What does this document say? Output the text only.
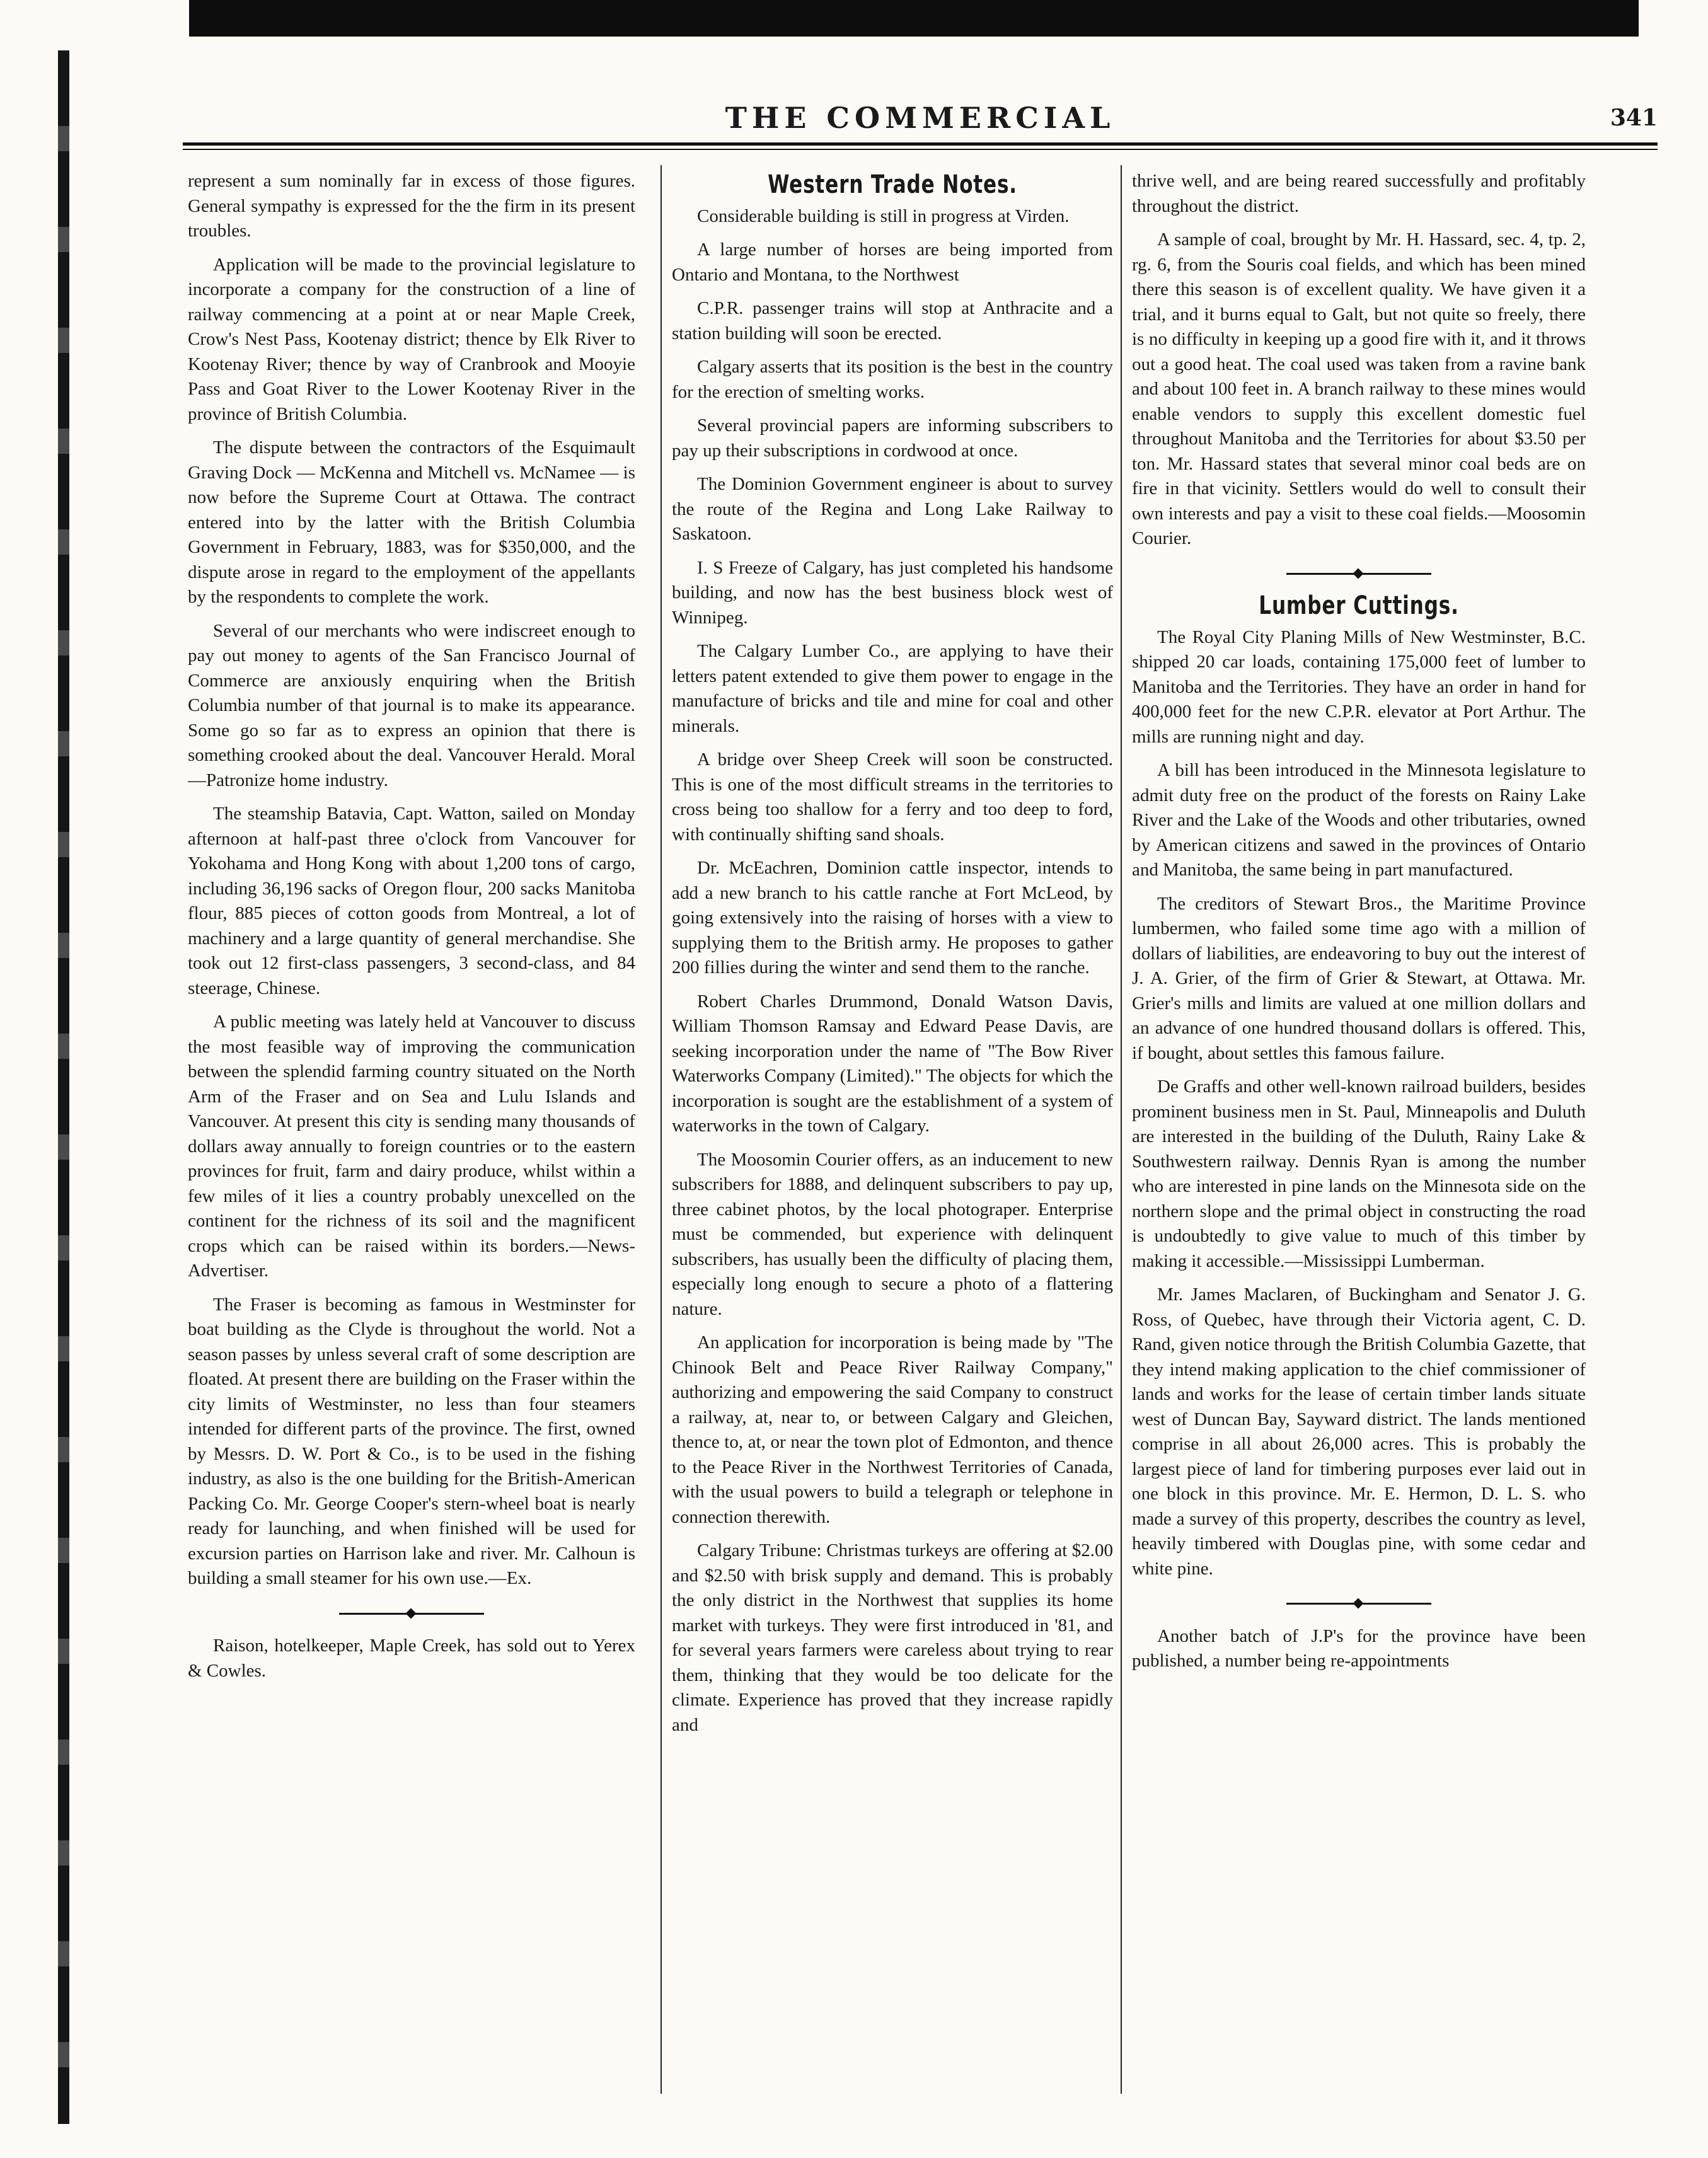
THE COMMERCIAL	341

represent a sum nominally far in excess of those figures. General sympathy is expressed for the the firm in its present troubles.

Application will be made to the provincial legislature to incorporate a company for the construction of a line of railway commencing at a point at or near Maple Creek, Crow's Nest Pass, Kootenay district; thence by Elk River to Kootenay River; thence by way of Cranbrook and Mooyie Pass and Goat River to the Lower Kootenay River in the province of British Columbia.

The dispute between the contractors of the Esquimault Graving Dock — McKenna and Mitchell vs. McNamee — is now before the Supreme Court at Ottawa. The contract entered into by the latter with the British Columbia Government in February, 1883, was for $350,000, and the dispute arose in regard to the employment of the appellants by the respondents to complete the work.

Several of our merchants who were indiscreet enough to pay out money to agents of the San Francisco Journal of Commerce are anxiously enquiring when the British Columbia number of that journal is to make its appearance. Some go so far as to express an opinion that there is something crooked about the deal. Vancouver Herald. Moral—Patronize home industry.

The steamship Batavia, Capt. Watton, sailed on Monday afternoon at half-past three o'clock from Vancouver for Yokohama and Hong Kong with about 1,200 tons of cargo, including 36,196 sacks of Oregon flour, 200 sacks Manitoba flour, 885 pieces of cotton goods from Montreal, a lot of machinery and a large quantity of general merchandise. She took out 12 first-class passengers, 3 second-class, and 84 steerage, Chinese.

A public meeting was lately held at Vancouver to discuss the most feasible way of improving the communication between the splendid farming country situated on the North Arm of the Fraser and on Sea and Lulu Islands and Vancouver. At present this city is sending many thousands of dollars away annually to foreign countries or to the eastern provinces for fruit, farm and dairy produce, whilst within a few miles of it lies a country probably unexcelled on the continent for the richness of its soil and the magnificent crops which can be raised within its borders.—News-Advertiser.

The Fraser is becoming as famous in Westminster for boat building as the Clyde is throughout the world. Not a season passes by unless several craft of some description are floated. At present there are building on the Fraser within the city limits of Westminster, no less than four steamers intended for different parts of the province. The first, owned by Messrs. D. W. Port & Co., is to be used in the fishing industry, as also is the one building for the British-American Packing Co. Mr. George Cooper's stern-wheel boat is nearly ready for launching, and when finished will be used for excursion parties on Harrison lake and river. Mr. Calhoun is building a small steamer for his own use.—Ex.

Raison, hotelkeeper, Maple Creek, has sold out to Yerex & Cowles.

Western Trade Notes.

Considerable building is still in progress at Virden.

A large number of horses are being imported from Ontario and Montana, to the Northwest

C.P.R. passenger trains will stop at Anthracite and a station building will soon be erected.

Calgary asserts that its position is the best in the country for the erection of smelting works.

Several provincial papers are informing subscribers to pay up their subscriptions in cordwood at once.

The Dominion Government engineer is about to survey the route of the Regina and Long Lake Railway to Saskatoon.

I. S Freeze of Calgary, has just completed his handsome building, and now has the best business block west of Winnipeg.

The Calgary Lumber Co., are applying to have their letters patent extended to give them power to engage in the manufacture of bricks and tile and mine for coal and other minerals.

A bridge over Sheep Creek will soon be constructed. This is one of the most difficult streams in the territories to cross being too shallow for a ferry and too deep to ford, with continually shifting sand shoals.

Dr. McEachren, Dominion cattle inspector, intends to add a new branch to his cattle ranche at Fort McLeod, by going extensively into the raising of horses with a view to supplying them to the British army. He proposes to gather 200 fillies during the winter and send them to the ranche.

Robert Charles Drummond, Donald Watson Davis, William Thomson Ramsay and Edward Pease Davis, are seeking incorporation under the name of "The Bow River Waterworks Company (Limited)." The objects for which the incorporation is sought are the establishment of a system of waterworks in the town of Calgary.

The Moosomin Courier offers, as an inducement to new subscribers for 1888, and delinquent subscribers to pay up, three cabinet photos, by the local photograper. Enterprise must be commended, but experience with delinquent subscribers, has usually been the difficulty of placing them, especially long enough to secure a photo of a flattering nature.

An application for incorporation is being made by "The Chinook Belt and Peace River Railway Company," authorizing and empowering the said Company to construct a railway, at, near to, or between Calgary and Gleichen, thence to, at, or near the town plot of Edmonton, and thence to the Peace River in the Northwest Territories of Canada, with the usual powers to build a telegraph or telephone in connection therewith.

Calgary Tribune: Christmas turkeys are offering at $2.00 and $2.50 with brisk supply and demand. This is probably the only district in the Northwest that supplies its home market with turkeys. They were first introduced in '81, and for several years farmers were careless about trying to rear them, thinking that they would be too delicate for the climate. Experience has proved that they increase rapidly and

thrive well, and are being reared successfully and profitably throughout the district.

A sample of coal, brought by Mr. H. Hassard, sec. 4, tp. 2, rg. 6, from the Souris coal fields, and which has been mined there this season is of excellent quality. We have given it a trial, and it burns equal to Galt, but not quite so freely, there is no difficulty in keeping up a good fire with it, and it throws out a good heat. The coal used was taken from a ravine bank and about 100 feet in. A branch railway to these mines would enable vendors to supply this excellent domestic fuel throughout Manitoba and the Territories for about $3.50 per ton. Mr. Hassard states that several minor coal beds are on fire in that vicinity. Settlers would do well to consult their own interests and pay a visit to these coal fields.—Moosomin Courier.

Lumber Cuttings.

The Royal City Planing Mills of New Westminster, B.C. shipped 20 car loads, containing 175,000 feet of lumber to Manitoba and the Territories. They have an order in hand for 400,000 feet for the new C.P.R. elevator at Port Arthur. The mills are running night and day.

A bill has been introduced in the Minnesota legislature to admit duty free on the product of the forests on Rainy Lake River and the Lake of the Woods and other tributaries, owned by American citizens and sawed in the provinces of Ontario and Manitoba, the same being in part manufactured.

The creditors of Stewart Bros., the Maritime Province lumbermen, who failed some time ago with a million of dollars of liabilities, are endeavoring to buy out the interest of J. A. Grier, of the firm of Grier & Stewart, at Ottawa. Mr. Grier's mills and limits are valued at one million dollars and an advance of one hundred thousand dollars is offered. This, if bought, about settles this famous failure.

De Graffs and other well-known railroad builders, besides prominent business men in St. Paul, Minneapolis and Duluth are interested in the building of the Duluth, Rainy Lake & Southwestern railway. Dennis Ryan is among the number who are interested in pine lands on the Minnesota side on the northern slope and the primal object in constructing the road is undoubtedly to give value to much of this timber by making it accessible.—Mississippi Lumberman.

Mr. James Maclaren, of Buckingham and Senator J. G. Ross, of Quebec, have through their Victoria agent, C. D. Rand, given notice through the British Columbia Gazette, that they intend making application to the chief commissioner of lands and works for the lease of certain timber lands situate west of Duncan Bay, Sayward district. The lands mentioned comprise in all about 26,000 acres. This is probably the largest piece of land for timbering purposes ever laid out in one block in this province. Mr. E. Hermon, D. L. S. who made a survey of this property, describes the country as level, heavily timbered with Douglas pine, with some cedar and white pine.

Another batch of J.P's for the province have been published, a number being re-appointments
